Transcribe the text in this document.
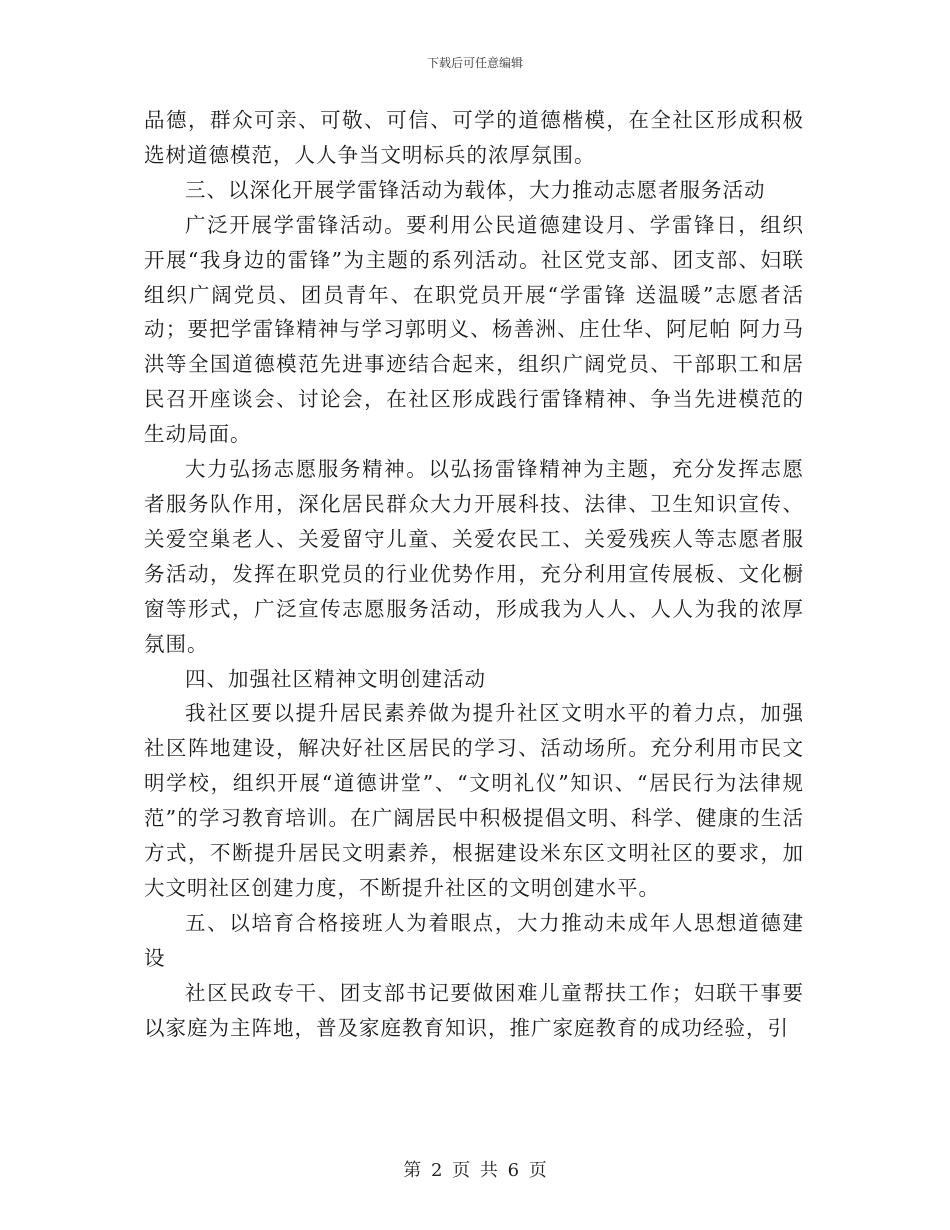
下载后可任意编辑

品德，群众可亲、可敬、可信、可学的道德楷模，在全社区形成积极选树道德模范，人人争当文明标兵的浓厚氛围。

三、以深化开展学雷锋活动为载体，大力推动志愿者服务活动

广泛开展学雷锋活动。要利用公民道德建设月、学雷锋日，组织开展“我身边的雷锋”为主题的系列活动。社区党支部、团支部、妇联组织广阔党员、团员青年、在职党员开展“学雷锋 送温暖”志愿者活动；要把学雷锋精神与学习郭明义、杨善洲、庄仕华、阿尼帕 阿力马洪等全国道德模范先进事迹结合起来，组织广阔党员、干部职工和居民召开座谈会、讨论会，在社区形成践行雷锋精神、争当先进模范的生动局面。

大力弘扬志愿服务精神。以弘扬雷锋精神为主题，充分发挥志愿者服务队作用，深化居民群众大力开展科技、法律、卫生知识宣传、关爱空巢老人、关爱留守儿童、关爱农民工、关爱残疾人等志愿者服务活动，发挥在职党员的行业优势作用，充分利用宣传展板、文化橱窗等形式，广泛宣传志愿服务活动，形成我为人人、人人为我的浓厚氛围。

四、加强社区精神文明创建活动

我社区要以提升居民素养做为提升社区文明水平的着力点，加强社区阵地建设，解决好社区居民的学习、活动场所。充分利用市民文明学校，组织开展“道德讲堂”、“文明礼仪”知识、“居民行为法律规范”的学习教育培训。在广阔居民中积极提倡文明、科学、健康的生活方式，不断提升居民文明素养，根据建设米东区文明社区的要求，加大文明社区创建力度，不断提升社区的文明创建水平。

五、以培育合格接班人为着眼点，大力推动未成年人思想道德建设

社区民政专干、团支部书记要做困难儿童帮扶工作；妇联干事要以家庭为主阵地，普及家庭教育知识，推广家庭教育的成功经验，引

第 2 页 共 6 页
